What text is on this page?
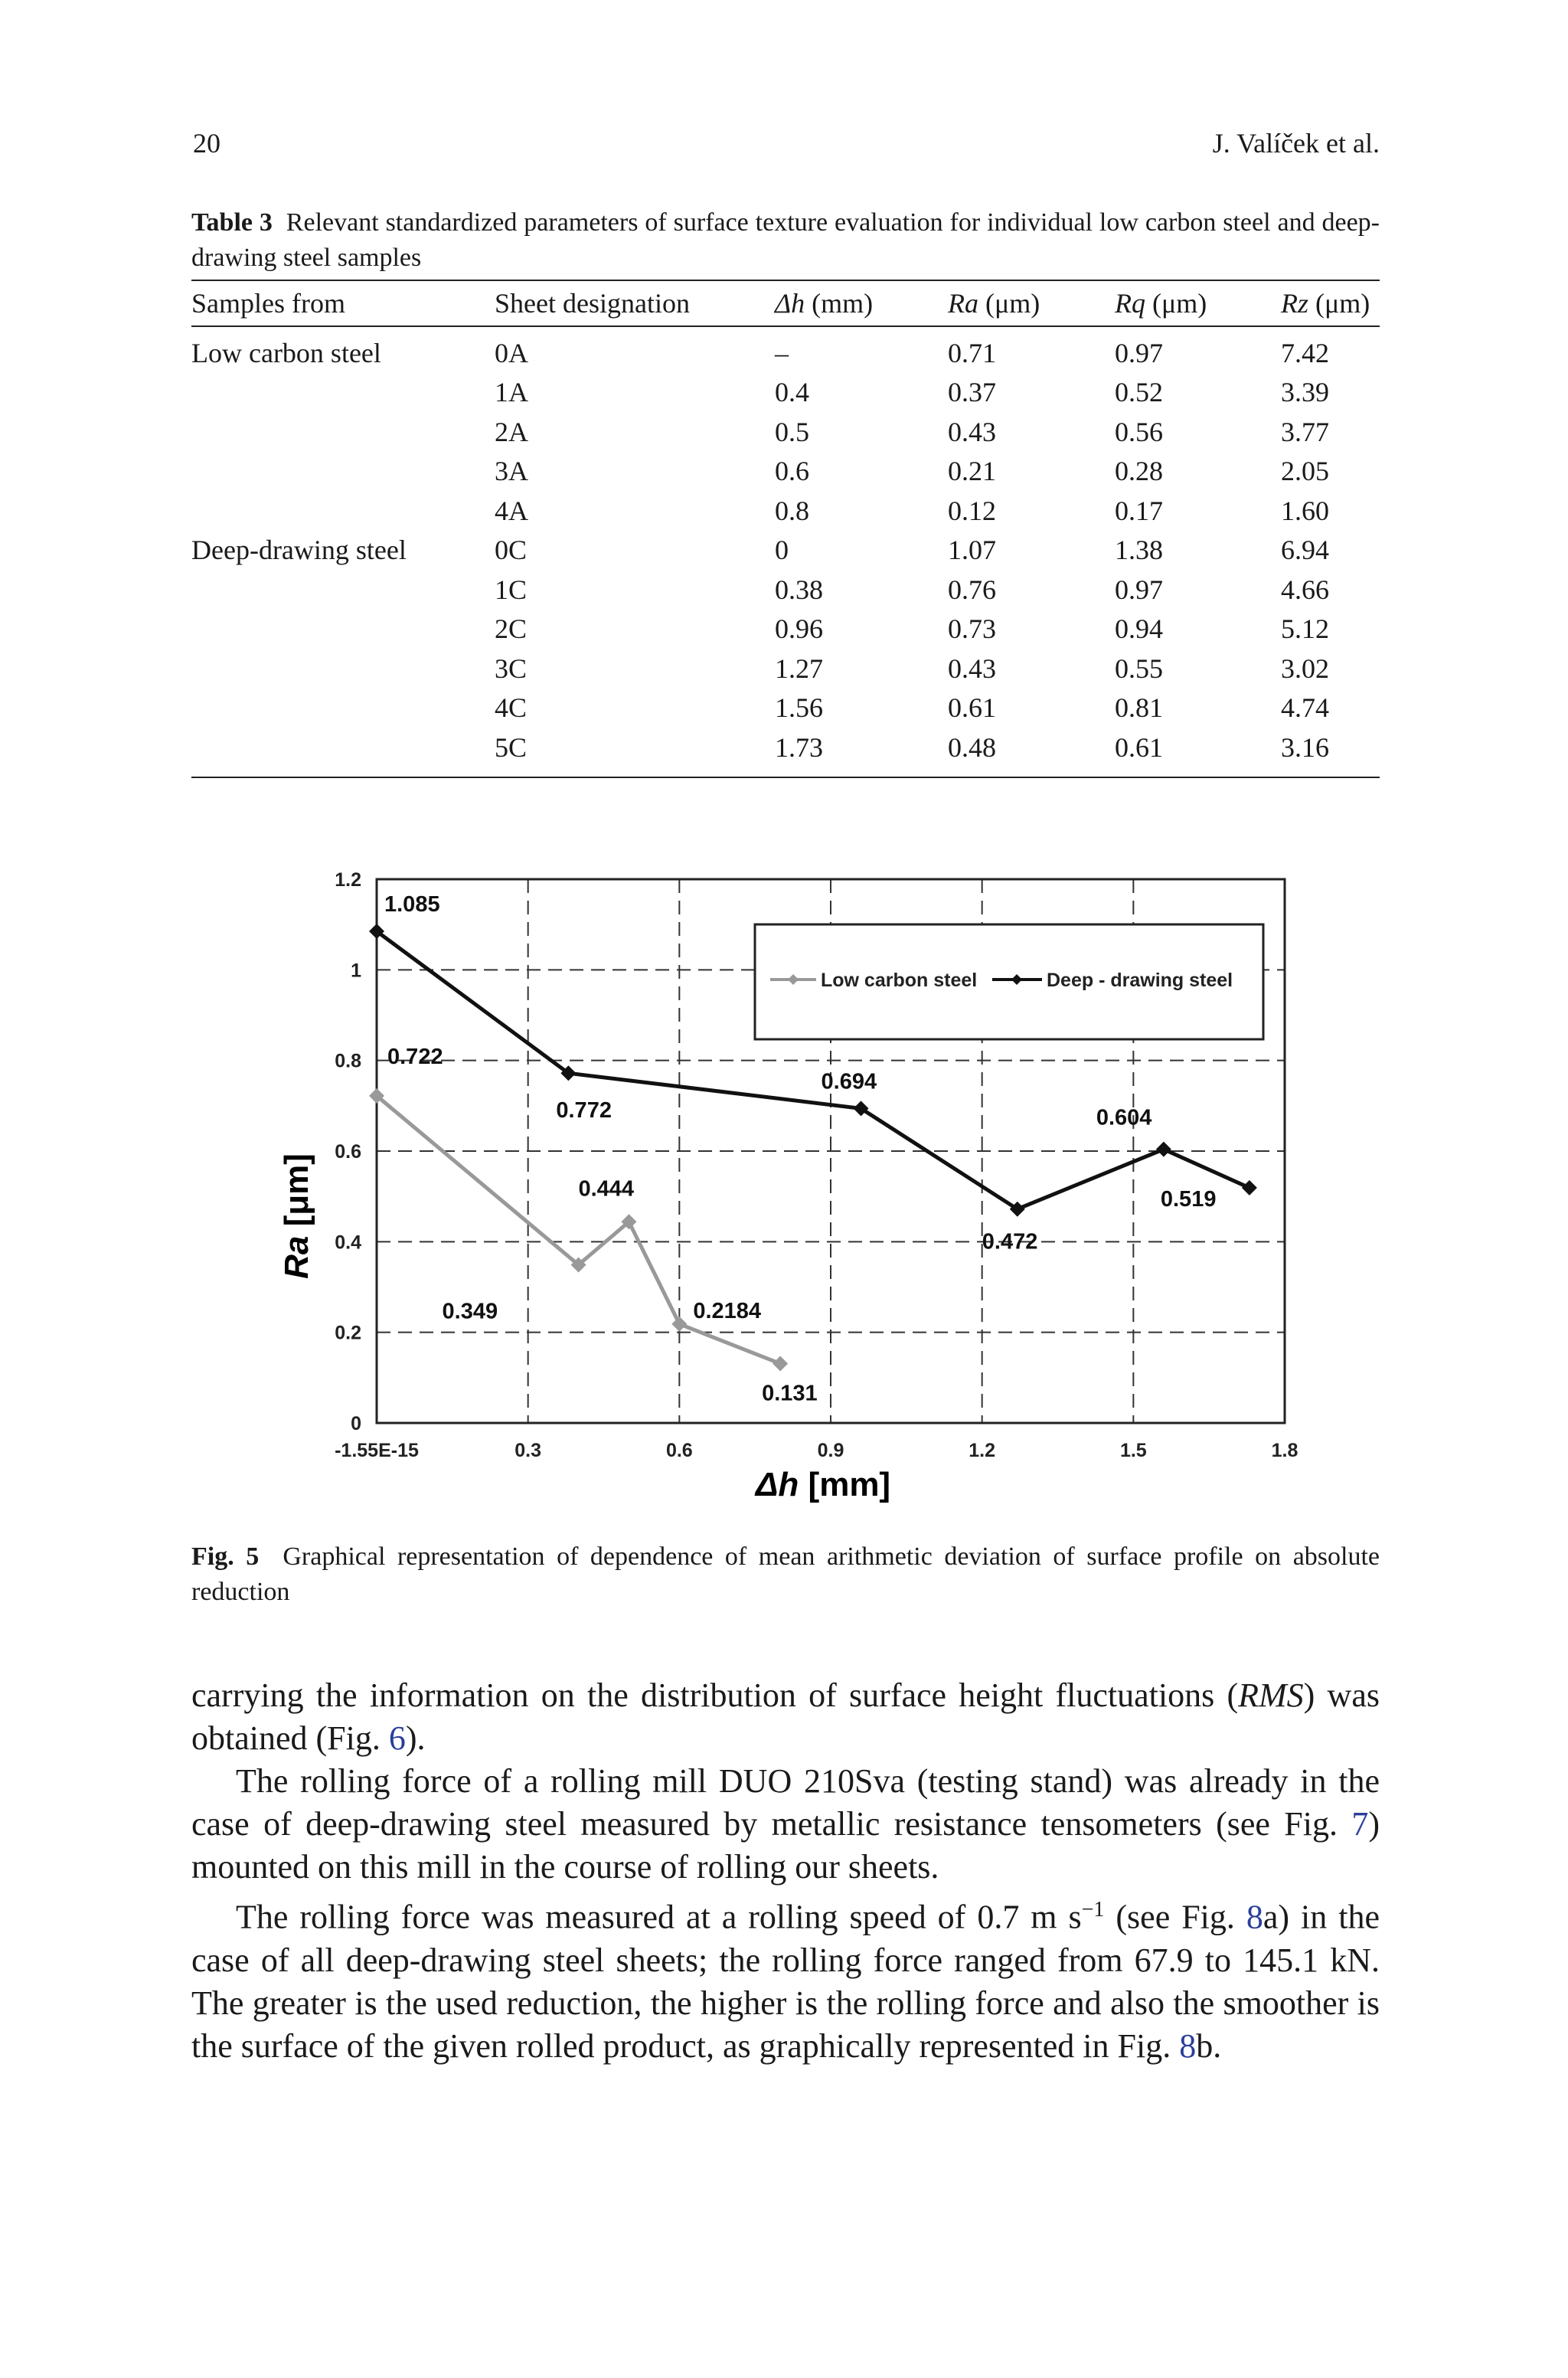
20	J. Valíček et al.
Table 3 Relevant standardized parameters of surface texture evaluation for individual low carbon steel and deep-drawing steel samples
Samples from	Sheet designation	Δh (mm)	Ra (μm)	Rq (μm)	Rz (μm)
Low carbon steel	0A	–	0.71	0.97	7.42
	1A	0.4	0.37	0.52	3.39
	2A	0.5	0.43	0.56	3.77
	3A	0.6	0.21	0.28	2.05
	4A	0.8	0.12	0.17	1.60
Deep-drawing steel	0C	0	1.07	1.38	6.94
	1C	0.38	0.76	0.97	4.66
	2C	0.96	0.73	0.94	5.12
	3C	1.27	0.43	0.55	3.02
	4C	1.56	0.61	0.81	4.74
	5C	1.73	0.48	0.61	3.16
-1.55E-15	0.3	0.6	0.9	1.2	1.5	1.8
0
0.2
0.4
0.6
0.8
1
1.2
0.722
0.349
0.444
0.2184
0.131
1.085
0.772
0.694
0.472
0.604
0.519
Low carbon steel	Deep - drawing steel
Δh [mm]
Ra [μm]
Fig. 5 Graphical representation of dependence of mean arithmetic deviation of surface profile on absolute reduction

carrying the information on the distribution of surface height fluctuations (RMS) was obtained (Fig. 6).

The rolling force of a rolling mill DUO 210Sva (testing stand) was already in the case of deep-drawing steel measured by metallic resistance tensometers (see Fig. 7) mounted on this mill in the course of rolling our sheets.

The rolling force was measured at a rolling speed of 0.7 m $s^{-1}$ (see Fig. 8a) in the case of all deep-drawing steel sheets; the rolling force ranged from 67.9 to 145.1 kN. The greater is the used reduction, the higher is the rolling force and also the smoother is the surface of the given rolled product, as graphically represented in Fig. 8b.
